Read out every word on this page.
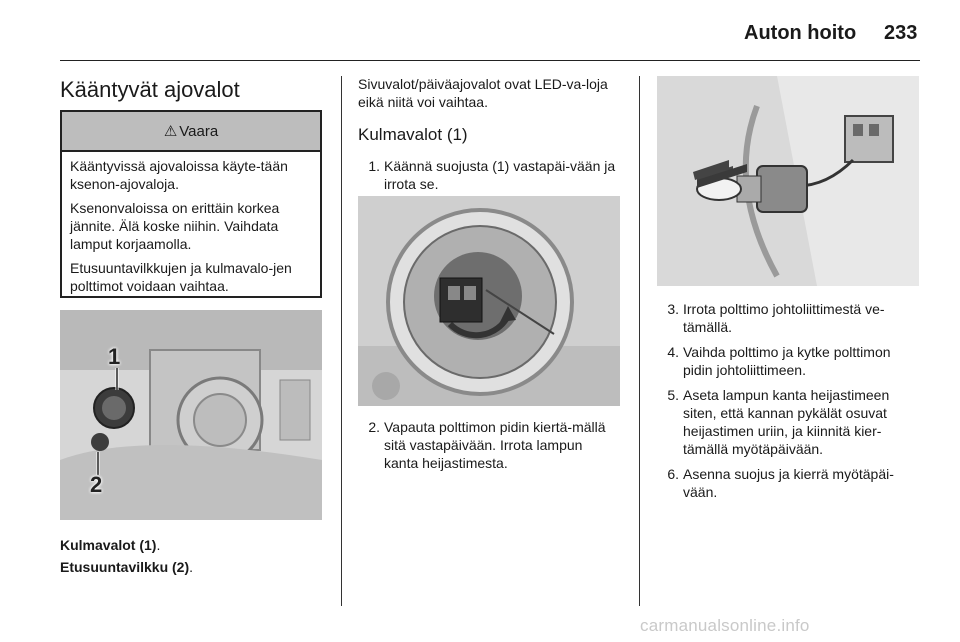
Auton hoito 233
Kääntyvät ajovalot
⚠ Vaara

Kääntyvissä ajovaloissa käyte-tään ksenon-ajovaloja.

Ksenonvaloissa on erittäin korkea jännite. Älä koske niihin. Vaihdata lamput korjaamolla.

Etusuuntavilkkujen ja kulmavalo-jen polttimot voidaan vaihtaa.

1
2

Kulmavalot (1).

Etusuuntavilkku (2).

Sivuvalot/päiväajovalot ovat LED-va-loja eikä niitä voi vaihtaa.

Kulmavalot (1)
1. Käännä suojusta (1) vastapäi-vään ja irrota se.
2. Vapauta polttimon pidin kiertä-mällä sitä vastapäivään. Irrota lampun kanta heijastimesta.
3. Irrota polttimo johtoliittimestä ve-tämällä.
4. Vaihda polttimo ja kytke polttimon pidin johtoliittimeen.
5. Aseta lampun kanta heijastimeen siten, että kannan pykälät osuvat heijastimen uriin, ja kiinnitä kier-tämällä myötäpäivään.
6. Asenna suojus ja kierrä myötäpäi-vään.
carmanualsonline.info
